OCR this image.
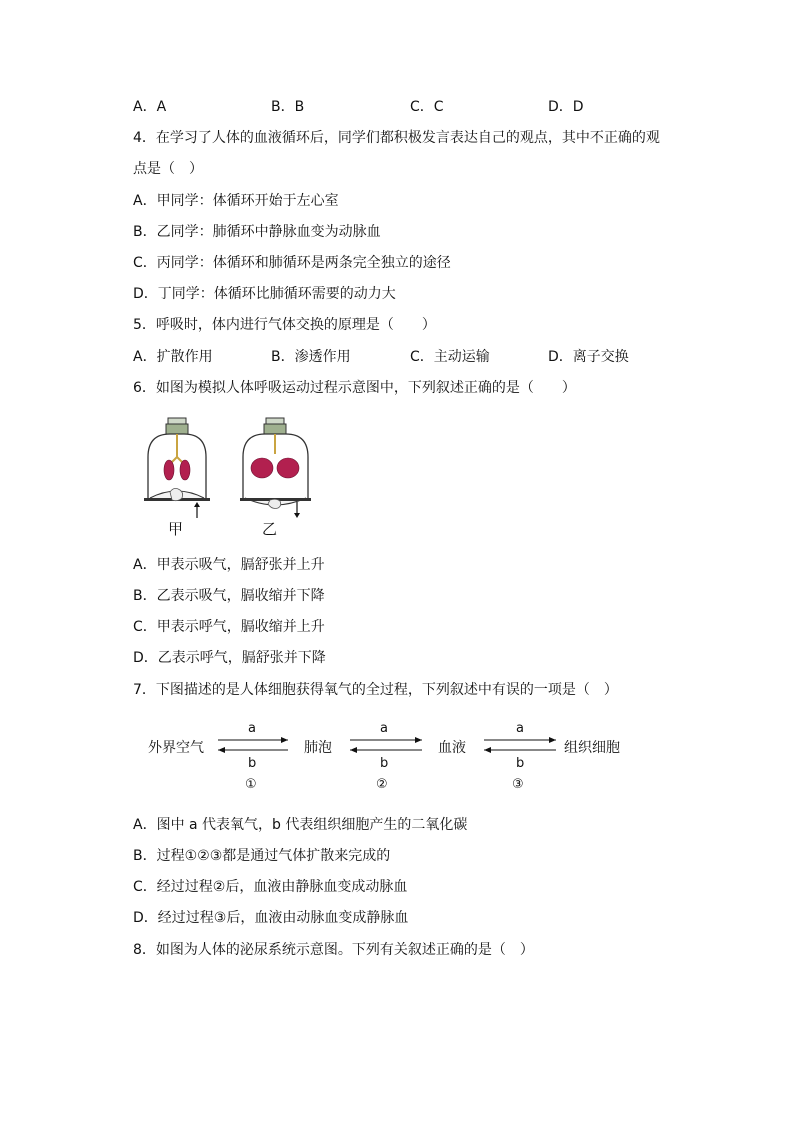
A．A	B．B	C．C	D．D
4．在学习了人体的血液循环后，同学们都积极发言表达自己的观点，其中不正确的观
点是（　）
A．甲同学：体循环开始于左心室
B．乙同学：肺循环中静脉血变为动脉血
C．丙同学：体循环和肺循环是两条完全独立的途径
D．丁同学：体循环比肺循环需要的动力大
5．呼吸时，体内进行气体交换的原理是（　　）
A．扩散作用	B．渗透作用	C．主动运输	D．离子交换
6．如图为模拟人体呼吸运动过程示意图中，下列叙述正确的是（　　）
甲	乙
A．甲表示吸气，膈舒张并上升
B．乙表示吸气，膈收缩并下降
C．甲表示呼气，膈收缩并上升
D．乙表示呼气，膈舒张并下降
7．下图描述的是人体细胞获得氧气的全过程，下列叙述中有误的一项是（　）
外界空气	肺泡	血液	组织细胞
a
b
①
a
b
②
a
b
③
A．图中 a 代表氧气，b 代表组织细胞产生的二氧化碳
B．过程①②③都是通过气体扩散来完成的
C．经过过程②后，血液由静脉血变成动脉血
D．经过过程③后，血液由动脉血变成静脉血
8．如图为人体的泌尿系统示意图。下列有关叙述正确的是（　）
